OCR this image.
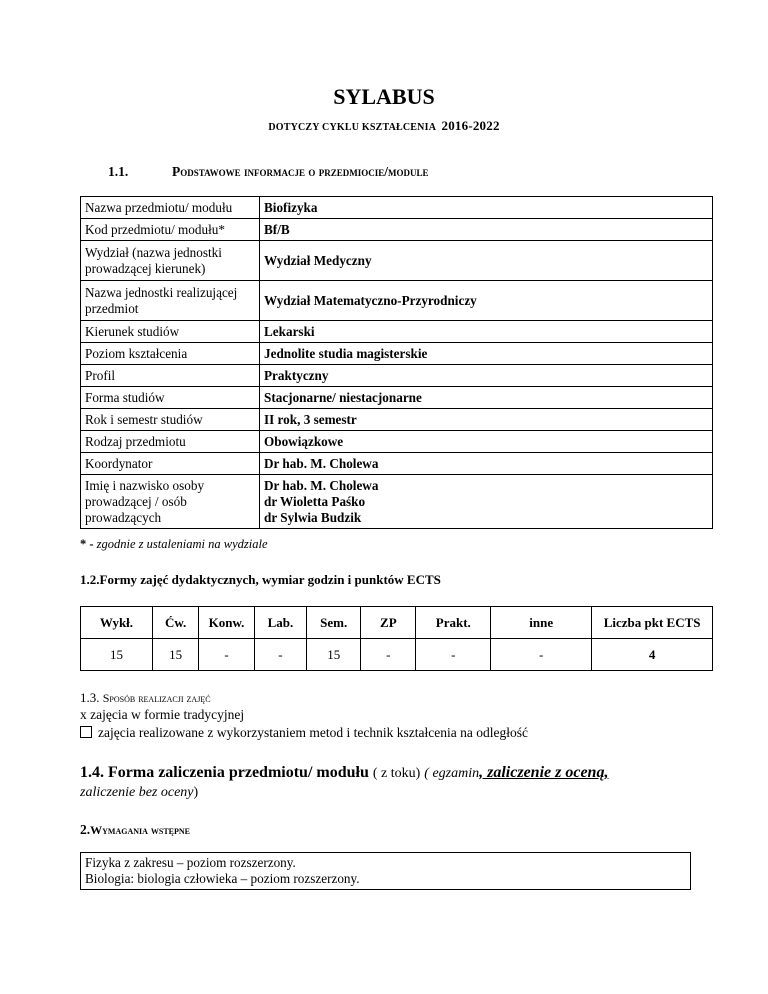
SYLABUS
DOTYCZY CYKLU KSZTAŁCENIA 2016-2022
1.1.	Podstawowe informacje o przedmiocie/module
Nazwa przedmiotu/ modułu	Biofizyka

Kod przedmiotu/ modułu*	Bf/B

Wydział (nazwa jednostki prowadzącej kierunek)	Wydział Medyczny

Nazwa jednostki realizującej przedmiot	Wydział Matematyczno-Przyrodniczy

Kierunek studiów	Lekarski

Poziom kształcenia	Jednolite studia magisterskie

Profil	Praktyczny

Forma studiów	Stacjonarne/ niestacjonarne

Rok i semestr studiów	II rok, 3 semestr

Rodzaj przedmiotu	Obowiązkowe

Koordynator	Dr hab. M. Cholewa

Imię i nazwisko osoby prowadzącej / osób prowadzących	Dr hab. M. Cholewa
dr Wioletta Paśko
dr Sylwia Budzik
* - zgodnie z ustaleniami na wydziale
1.2.Formy zajęć dydaktycznych, wymiar godzin i punktów ECTS
Wykł.	Ćw.	Konw.	Lab.	Sem.	ZP	Prakt.	inne	Liczba pkt ECTS
15	15	-	-	15	-	-	-	4
1.3. Sposób realizacji zajęć
x zajęcia w formie tradycyjnej
zajęcia realizowane z wykorzystaniem metod i technik kształcenia na odległość
1.4. Forma zaliczenia przedmiotu/ modułu ( z toku) ( egzamin, zaliczenie z oceną,
zaliczenie bez oceny)
2.Wymagania wstępne
Fizyka z zakresu – poziom rozszerzony.
Biologia: biologia człowieka – poziom rozszerzony.
